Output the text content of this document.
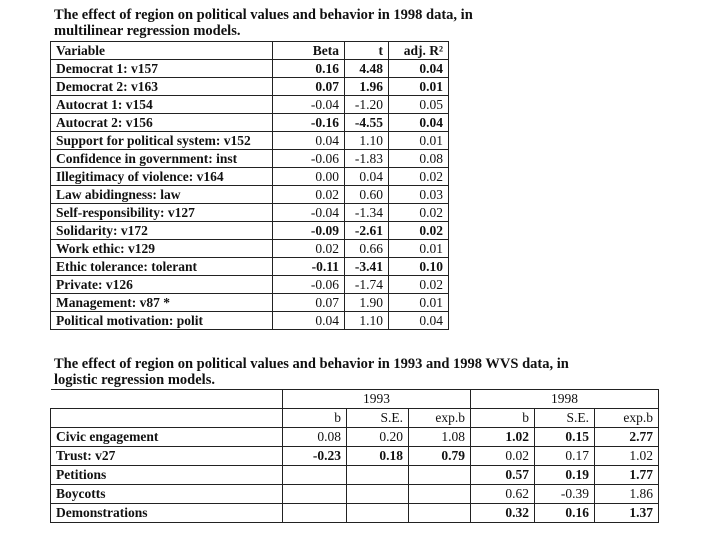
The effect of region on political values and behavior in 1998 data, in
multilinear regression models.
Variable	Beta	t	adj. R²
Democrat 1: v157	0.16	4.48	0.04
Democrat 2: v163	0.07	1.96	0.01
Autocrat 1: v154	-0.04	-1.20	0.05
Autocrat 2: v156	-0.16	-4.55	0.04
Support for political system: v152	0.04	1.10	0.01
Confidence in government: inst	-0.06	-1.83	0.08
Illegitimacy of violence: v164	0.00	0.04	0.02
Law abidingness: law	0.02	0.60	0.03
Self-responsibility: v127	-0.04	-1.34	0.02
Solidarity: v172	-0.09	-2.61	0.02
Work ethic: v129	0.02	0.66	0.01
Ethic tolerance: tolerant	-0.11	-3.41	0.10
Private: v126	-0.06	-1.74	0.02
Management: v87 *	0.07	1.90	0.01
Political motivation: polit	0.04	1.10	0.04
The effect of region on political values and behavior in 1993 and 1998 WVS data, in
logistic regression models.
	1993			1998		
	b	S.E.	exp.b	b	S.E.	exp.b
Civic engagement	0.08	0.20	1.08	1.02	0.15	2.77
Trust: v27	-0.23	0.18	0.79	0.02	0.17	1.02
Petitions				0.57	0.19	1.77
Boycotts				0.62	-0.39	1.86
Demonstrations				0.32	0.16	1.37
